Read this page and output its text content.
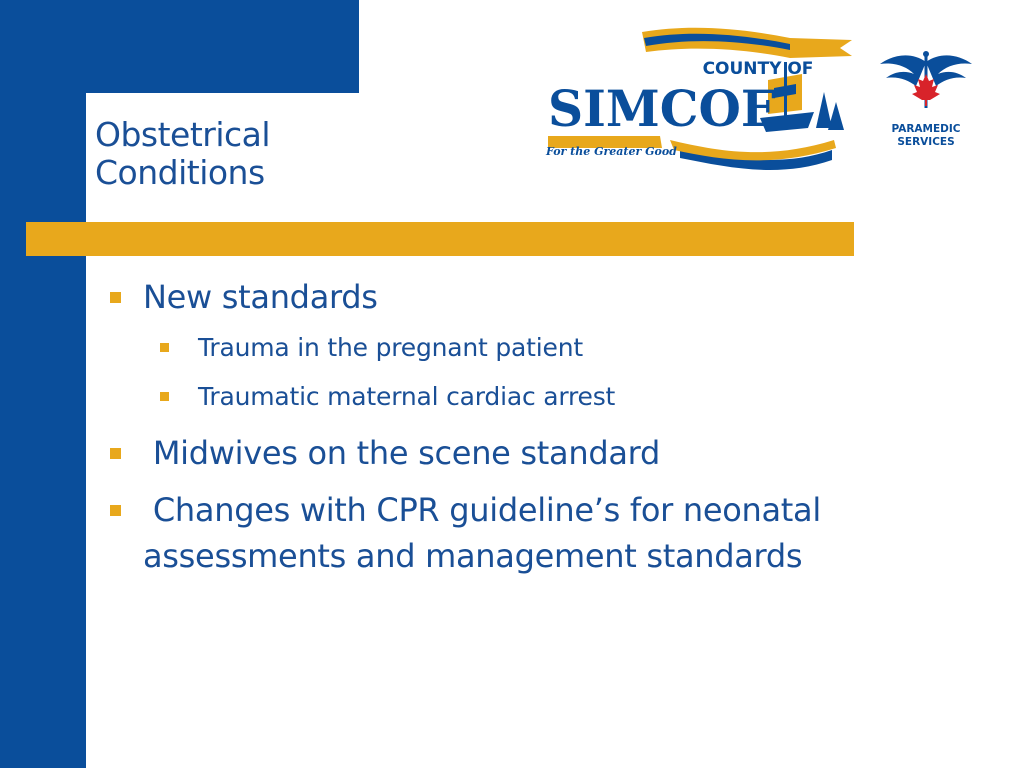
Obstetrical
Conditions
COUNTY OF
SIMCOE
For the Greater Good
PARAMEDIC
SERVICES
New standards
Trauma in the pregnant patient
Traumatic maternal cardiac arrest
Midwives on the scene standard
Changes with CPR guideline’s for neonatal
assessments and management standards
